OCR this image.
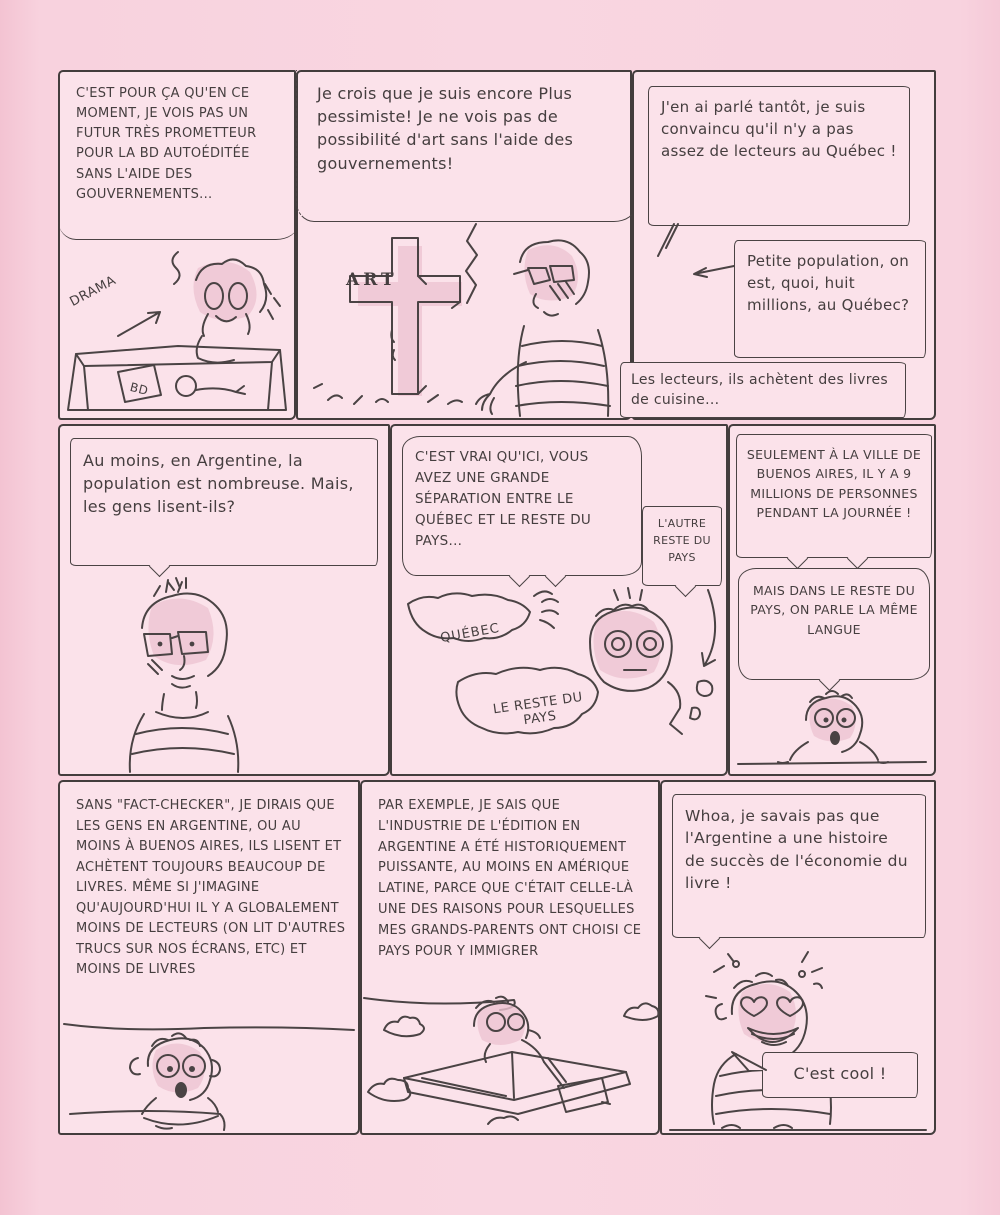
C'EST POUR ÇA QU'EN CE MOMENT, JE VOIS PAS UN FUTUR TRÈS PROMETTEUR POUR LA BD AUTOÉDITÉE SANS L'AIDE DES GOUVERNEMENTS...
DRAMA
BD
Je crois que je suis encore Plus pessimiste! Je ne vois pas de possibilité d'art sans l'aide des gouvernements!
ART
J'en ai parlé tantôt, je suis convaincu qu'il n'y a pas assez de lecteurs au Québec !
Petite population, on est, quoi, huit millions, au Québec?
Les lecteurs, ils achètent des livres de cuisine...
Au moins, en Argentine, la population est nombreuse. Mais, les gens lisent-ils?
C'EST VRAI QU'ICI, VOUS AVEZ UNE GRANDE SÉPARATION ENTRE LE QUÉBEC ET LE RESTE DU PAYS...
L'AUTRE RESTE DU PAYS
QUÉBEC
LE RESTE DU PAYS
SEULEMENT À LA VILLE DE BUENOS AIRES, IL Y A 9 MILLIONS DE PERSONNES PENDANT LA JOURNÉE !
MAIS DANS LE RESTE DU PAYS, ON PARLE LA MÊME LANGUE
SANS "FACT-CHECKER", JE DIRAIS QUE LES GENS EN ARGENTINE, OU AU MOINS À BUENOS AIRES, ILS LISENT ET ACHÈTENT TOUJOURS BEAUCOUP DE LIVRES. MÊME SI J'IMAGINE QU'AUJOURD'HUI IL Y A GLOBALEMENT MOINS DE LECTEURS (ON LIT D'AUTRES TRUCS SUR NOS ÉCRANS, ETC) ET MOINS DE LIVRES
PAR EXEMPLE, JE SAIS QUE L'INDUSTRIE DE L'ÉDITION EN ARGENTINE A ÉTÉ HISTORIQUEMENT PUISSANTE, AU MOINS EN AMÉRIQUE LATINE, PARCE QUE C'ÉTAIT CELLE-LÀ UNE DES RAISONS POUR LESQUELLES MES GRANDS-PARENTS ONT CHOISI CE PAYS POUR Y IMMIGRER
Whoa, je savais pas que l'Argentine a une histoire de succès de l'économie du livre !
C'est cool !
